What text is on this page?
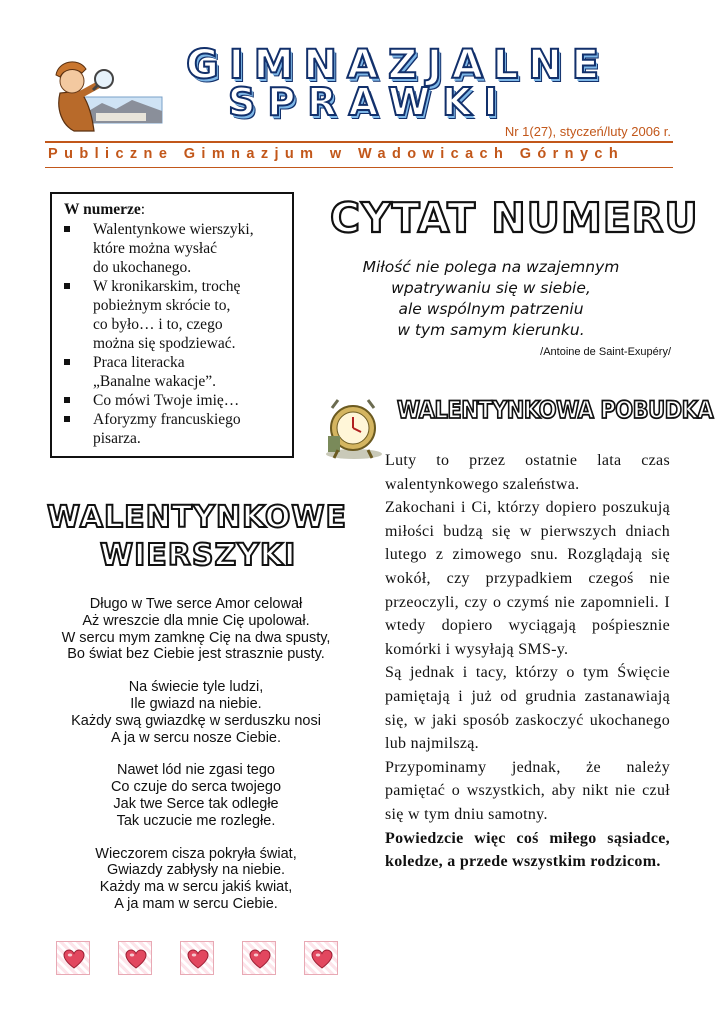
GIMNAZJALNE
SPRAWKI
Nr 1(27), styczeń/luty 2006 r.
Publiczne Gimnazjum w Wadowicach Górnych
W numerze:
Walentynkowe wierszyki,
które można wysłać
do ukochanego.
W kronikarskim, trochę
pobieżnym skrócie to,
co było… i to, czego
można się spodziewać.
Praca literacka
„Banalne wakacje”.
Co mówi Twoje imię…
Aforyzmy francuskiego
pisarza.
CYTAT NUMERU
Miłość nie polega na wzajemnym
wpatrywaniu się w siebie,
ale wspólnym patrzeniu
w tym samym kierunku.
/Antoine de Saint-Exupéry/
WALENTYNKOWA POBUDKA

Luty to przez ostatnie lata czas walentynkowego szaleństwa.

Zakochani i Ci, którzy dopiero poszukują miłości budzą się w pierwszych dniach lutego z zimowego snu. Rozglądają się wokół, czy przypadkiem czegoś nie przeoczyli, czy o czymś nie zapomnieli. I wtedy dopiero wyciągają pośpiesznie komórki i wysyłają SMS-y.

Są jednak i tacy, którzy o tym Święcie pamiętają i już od grudnia zastanawiają się, w jaki sposób zaskoczyć ukochanego lub najmilszą.

Przypominamy jednak, że należy pamiętać o wszystkich, aby nikt nie czuł się w tym dniu samotny.

Powiedzcie więc coś miłego sąsiadce, koledze, a przede wszystkim rodzicom.

WALENTYNKOWE
WIERSZYKI
Długo w Twe serce Amor celował
Aż wreszcie dla mnie Cię upolował.
W sercu mym zamknę Cię na dwa spusty,
Bo świat bez Ciebie jest strasznie pusty.
Na świecie tyle ludzi,
Ile gwiazd na niebie.
Każdy swą gwiazdkę w serduszku nosi
A ja w sercu nosze Ciebie.
Nawet lód nie zgasi tego
Co czuje do serca twojego
Jak twe Serce tak odległe
Tak uczucie me rozległe.
Wieczorem cisza pokryła świat,
Gwiazdy zabłysły na niebie.
Każdy ma w sercu jakiś kwiat,
A ja mam w sercu Ciebie.
